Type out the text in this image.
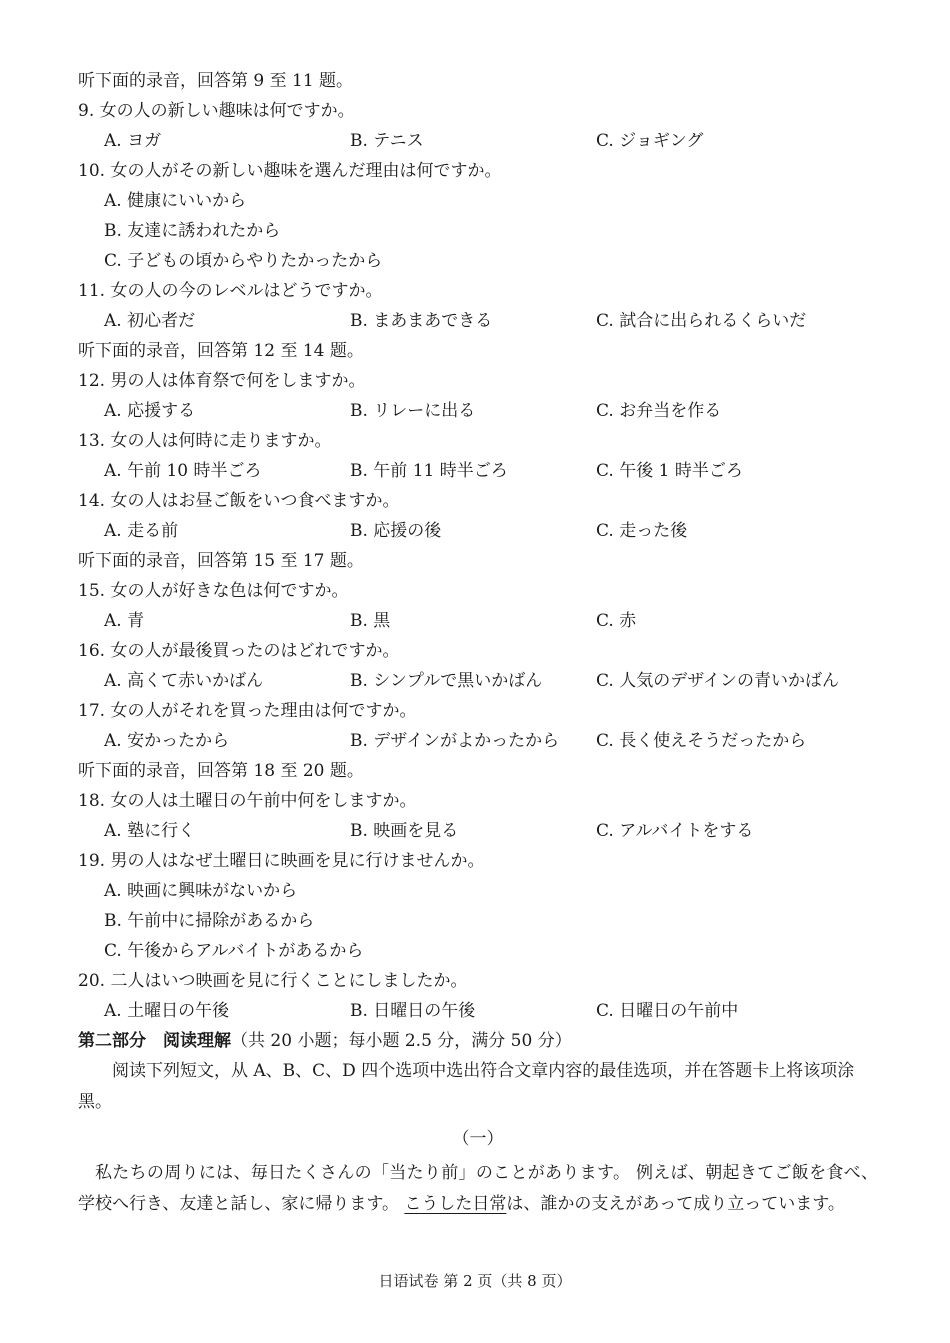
听下面的录音，回答第 9 至 11 题。
9. 女の人の新しい趣味は何ですか。
A. ヨガ	B. テニス	C. ジョギング
10. 女の人がその新しい趣味を選んだ理由は何ですか。
A. 健康にいいから
B. 友達に誘われたから
C. 子どもの頃からやりたかったから
11. 女の人の今のレベルはどうですか。
A. 初心者だ	B. まあまあできる	C. 試合に出られるくらいだ
听下面的录音，回答第 12 至 14 题。
12. 男の人は体育祭で何をしますか。
A. 応援する	B. リレーに出る	C. お弁当を作る
13. 女の人は何時に走りますか。
A. 午前 10 時半ごろ	B. 午前 11 時半ごろ	C. 午後 1 時半ごろ
14. 女の人はお昼ご飯をいつ食べますか。
A. 走る前	B. 応援の後	C. 走った後
听下面的录音，回答第 15 至 17 题。
15. 女の人が好きな色は何ですか。
A. 青	B. 黒	C. 赤
16. 女の人が最後買ったのはどれですか。
A. 高くて赤いかばん	B. シンプルで黒いかばん	C. 人気のデザインの青いかばん
17. 女の人がそれを買った理由は何ですか。
A. 安かったから	B. デザインがよかったから	C. 長く使えそうだったから
听下面的录音，回答第 18 至 20 题。
18. 女の人は土曜日の午前中何をしますか。
A. 塾に行く	B. 映画を見る	C. アルバイトをする
19. 男の人はなぜ土曜日に映画を見に行けませんか。
A. 映画に興味がないから
B. 午前中に掃除があるから
C. 午後からアルバイトがあるから
20. 二人はいつ映画を見に行くことにしましたか。
A. 土曜日の午後	B. 日曜日の午後	C. 日曜日の午前中
第二部分　阅读理解（共 20 小题；每小题 2.5 分，满分 50 分）
阅读下列短文，从 A、B、C、D 四个选项中选出符合文章内容的最佳选项，并在答题卡上将该项涂黑。
（一）
私たちの周りには、毎日たくさんの「当たり前」のことがあります。 例えば、朝起きてご飯を食べ、学校へ行き、友達と話し、家に帰ります。 こうした日常は、誰かの支えがあって成り立っています。
日语试卷 第 2 页（共 8 页）
